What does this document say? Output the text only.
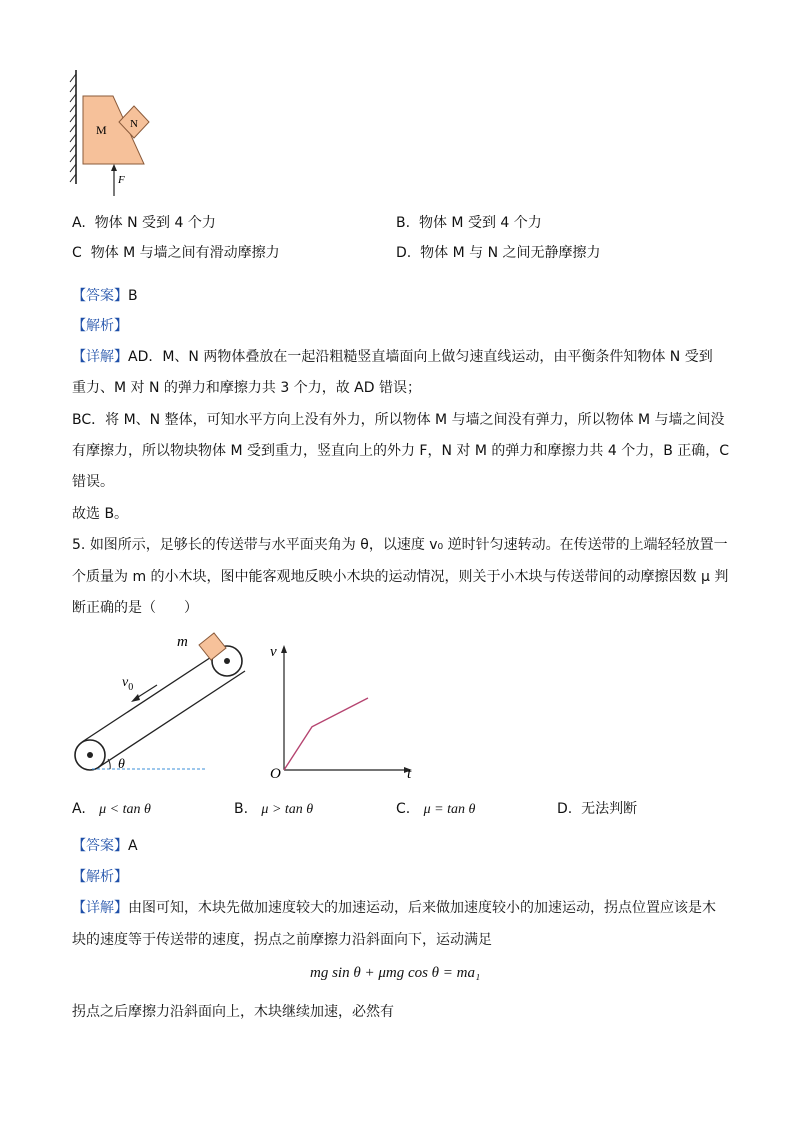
M N
F
A. 物体 N 受到 4 个力	B. 物体 M 受到 4 个力
C 物体 M 与墙之间有滑动摩擦力	D. 物体 M 与 N 之间无静摩擦力
【答案】B
【解析】
【详解】AD．M、N 两物体叠放在一起沿粗糙竖直墙面向上做匀速直线运动，由平衡条件知物体 N 受到
重力、M 对 N 的弹力和摩擦力共 3 个力，故 AD 错误；
BC．将 M、N 整体，可知水平方向上没有外力，所以物体 M 与墙之间没有弹力，所以物体 M 与墙之间没
有摩擦力，所以物块物体 M 受到重力，竖直向上的外力 F，N 对 M 的弹力和摩擦力共 4 个力，B 正确，C
错误。
故选 B。
5. 如图所示，足够长的传送带与水平面夹角为 θ，以速度 v₀ 逆时针匀速转动。在传送带的上端轻轻放置一
个质量为 m 的小木块，图中能客观地反映小木块的运动情况，则关于小木块与传送带间的动摩擦因数 μ 判
断正确的是（　　）
m
$v_0$
θ
v
O	t
A. μ < tan θ	B. μ > tan θ	C. μ = tan θ	D. 无法判断
【答案】A
【解析】
【详解】由图可知，木块先做加速度较大的加速运动，后来做加速度较小的加速运动，拐点位置应该是木
块的速度等于传送带的速度，拐点之前摩擦力沿斜面向下，运动满足
mg sin θ + μmg cos θ = ma₁
拐点之后摩擦力沿斜面向上，木块继续加速，必然有
